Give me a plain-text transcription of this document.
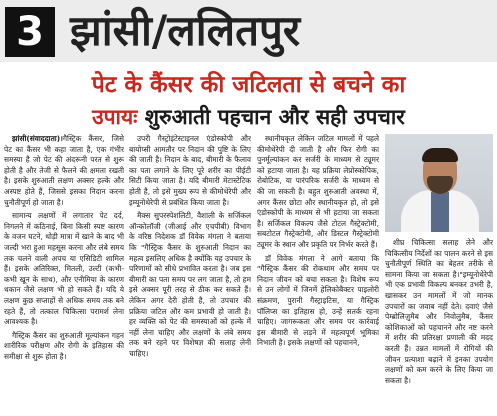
3 झांसी/ललितपुर
पेट के कैंसर की जटिलता से बचने का
उपायः शुरुआती पहचान और सही उपचार

झांसी(संवाददाता)।गैस्ट्रिक कैंसर, जिसे पेट का कैंसर भी कहा जाता है, एक गंभीर समस्या है जो पेट की अंदरूनी परत से शुरू होती है और तेजी से फैलने की क्षमता रखती है। इसके शुरुआती लक्षण अक्सर हल्के और अस्पष्ट होते हैं, जिससे इसका निदान करना चुनौतीपूर्ण हो जाता है।

सामान्य लक्षणों में लगातार पेट दर्द, निगलने में कठिनाई, बिना किसी स्पष्ट कारण के वजन घटने, थोड़ी मात्रा में खाने के बाद भी जल्दी भरा हुआ महसूस करना और लंबे समय तक चलने वाली अपच या एसिडिटी शामिल हैं। इसके अतिरिक्त, मितली, उल्टी (कभी-कभी खून के साथ), और एनीमिया के कारण थकान जैसे लक्षण भी हो सकते हैं। यदि ये लक्षण कुछ सप्ताहों से अधिक समय तक बने रहते हैं, तो तत्काल चिकित्सा परामर्श लेना आवश्यक है।

गैस्ट्रिक कैंसर का शुरुआती मूल्यांकन गहन शारीरिक परीक्षण और रोगी के इतिहास की समीक्षा से शुरू होता है।

उपरी गैस्ट्रोइंटेस्टाइनल एंडोस्कोपी और बायोप्सी आमतौर पर निदान की पुष्टि के लिए की जाती है। निदान के बाद, बीमारी के फैलाव का पता लगाने के लिए पूरे शरीर का पीईटी सिटी किया जाता है। यदि बीमारी मेटास्टेटिक होती है, तो इसे मुख्य रूप से कीमोथेरेपी और इम्यूनोथेरेपी से प्रबंधित किया जाता है।

मैक्स सुपरस्पेशलिटी, वैशाली के सर्जिकल ऑन्कोलॉजी (जीआई और एचपीबी) विभाग के वरिष्ठ निदेशक डॉ विवेक मंगला ने बताया कि "गैस्ट्रिक कैंसर के शुरुआती निदान का महत्व इसलिए अधिक है क्योंकि यह उपचार के परिणामों को सीधे प्रभावित करता है। जब इस बीमारी का पता समय पर लग जाता है, तो हम इसे अक्सर पूरी तरह से ठीक कर सकते हैं। लेकिन अगर देरी होती है, तो उपचार की प्रक्रिया जटिल और कम प्रभावी हो जाती है। हर व्यक्ति को पेट की समस्याओं को हल्के में नहीं लेना चाहिए और लक्षणों के लंबे समय तक बने रहने पर विशेषज्ञ की सलाह लेनी चाहिए।

स्थानीयकृत लेकिन जटिल मामलों में पहले कीमोथेरेपी दी जाती है और फिर रोगी का पुनर्मूल्यांकन कर सर्जरी के माध्यम से ट्यूमर को हटाया जाता है। यह प्रक्रिया लेप्रोस्कोपिक, रोबोटिक, या पारंपरिक सर्जरी के माध्यम से की जा सकती है। बहुत शुरुआती अवस्था में, अगर कैंसर छोटा और स्थानीयकृत हो, तो इसे एंडोस्कोपी के माध्यम से भी हटाया जा सकता है। सर्जिकल विकल्प जैसे टोटल गैस्ट्रेक्टोमी, सबटोटल गैस्ट्रेक्टोमी, और डिस्टल गैस्ट्रेक्टोमी ट्यूमर के स्थान और प्रकृति पर निर्भर करते हैं।

डॉ विवेक मंगला ने आगे बताया कि "गैस्ट्रिक कैंसर की रोकथाम और समय पर निदान जीवन को बचा सकता है। विशेष रूप से उन लोगों में जिनमें हेलिकोबैक्टर पाइलोरी संक्रमण, पुरानी गैस्ट्राइटिस, या गैस्ट्रिक पॉलिप्स का इतिहास हो, उन्हें सतर्क रहना चाहिए। जागरूकता और समय पर कार्रवाई इस बीमारी से लड़ने में महत्वपूर्ण भूमिका निभाती है। इसके लक्षणों को पहचानने,

शीघ्र चिकित्सा सलाह लेने और चिकित्सीय निर्देशों का पालन करने से इस चुनौतीपूर्ण स्थिति का बेहतर तरीके से सामना किया जा सकता है।"इम्यूनोथेरेपी भी एक प्रभावी विकल्प बनकर उभरी है, खासकर उन मामलों में जो मानक उपचारों का जवाब नहीं देते। दवाएं जैसे पेम्ब्रोलिज़ुमैब और निवोलुमैब, कैंसर कोशिकाओं को पहचानने और नष्ट करने में शरीर की प्रतिरक्षा प्रणाली की मदद करती हैं। उन्नत मामलों में रोगियों की जीवन प्रत्याशा बढ़ाने में इनका उपयोग लक्षणों को कम करने के लिए किया जा सकता है।
